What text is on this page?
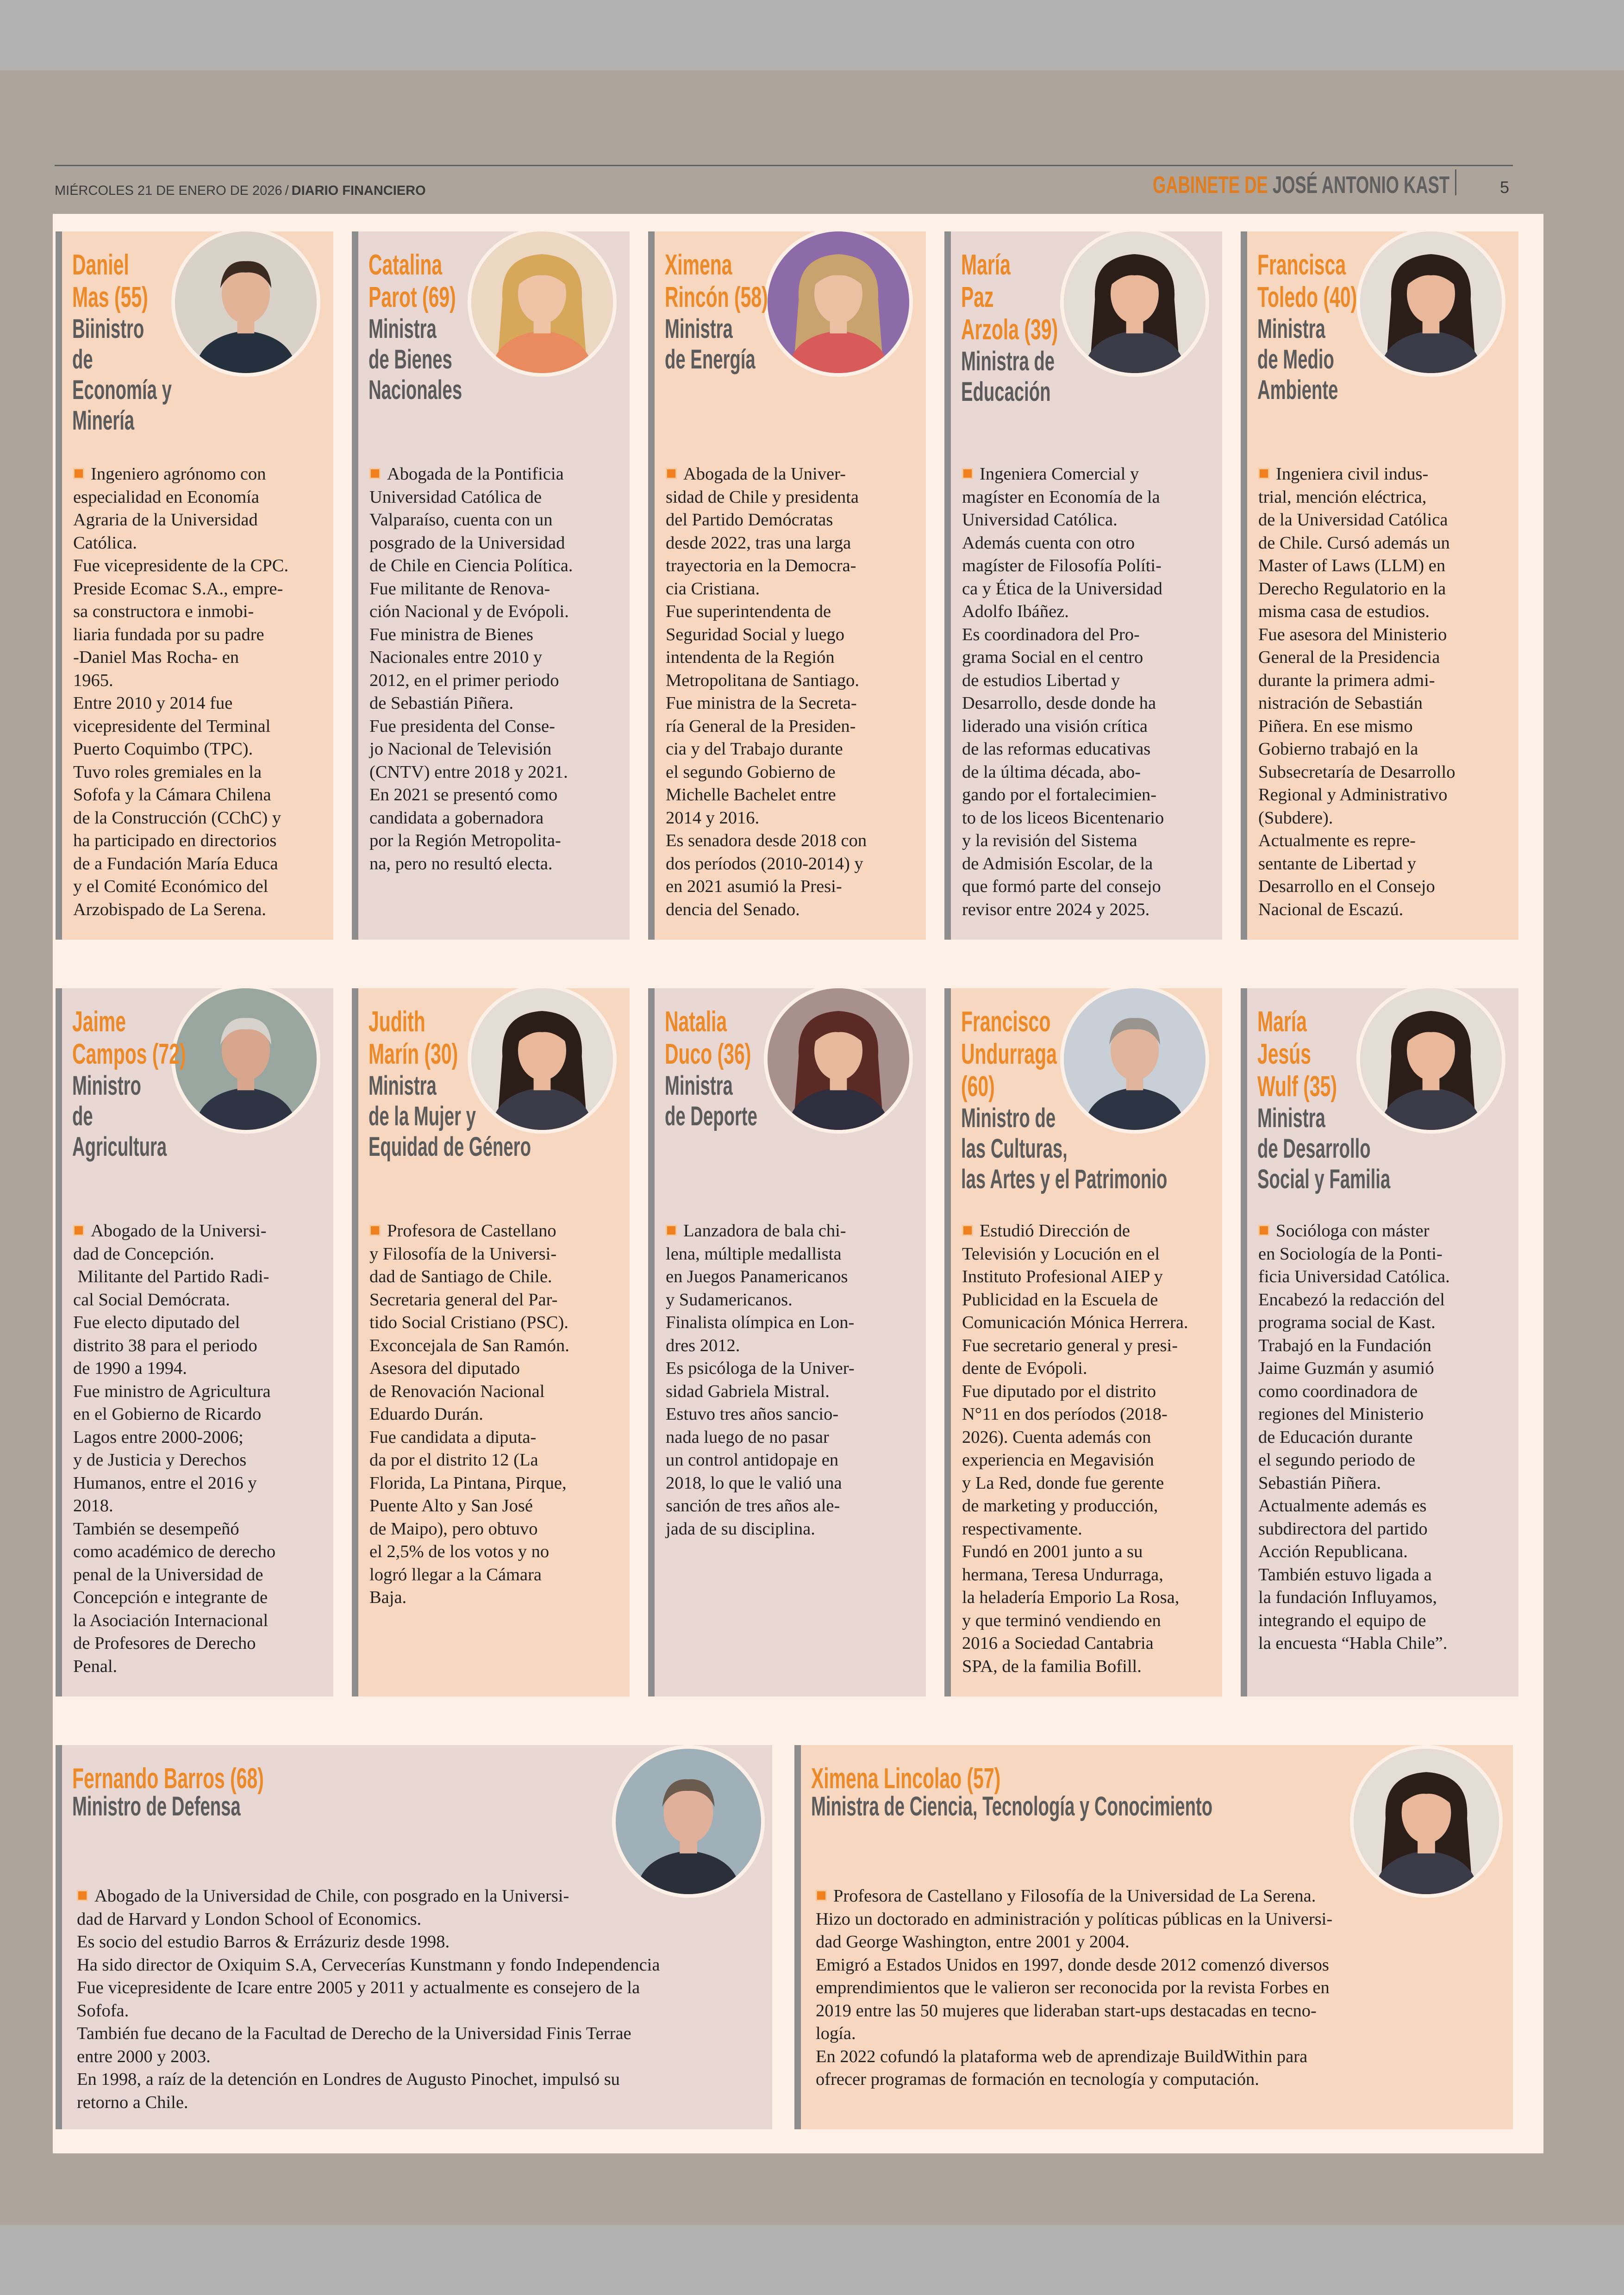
MIÉRCOLES 21 DE ENERO DE 2026 / DIARIO FINANCIERO	GABINETE DE JOSÉ ANTONIO KAST	5
Daniel
Mas (55)
Biinistro
de
Economía y
Minería
Ingeniero agrónomo con
especialidad en Economía
Agraria de la Universidad
Católica.
Fue vicepresidente de la CPC.
Preside Ecomac S.A., empre-
sa constructora e inmobi-
liaria fundada por su padre
-Daniel Mas Rocha- en
1965.
Entre 2010 y 2014 fue
vicepresidente del Terminal
Puerto Coquimbo (TPC).
Tuvo roles gremiales en la
Sofofa y la Cámara Chilena
de la Construcción (CChC) y
ha participado en directorios
de a Fundación María Educa
y el Comité Económico del
Arzobispado de La Serena.
Catalina
Parot (69)
Ministra
de Bienes
Nacionales
Abogada de la Pontificia
Universidad Católica de
Valparaíso, cuenta con un
posgrado de la Universidad
de Chile en Ciencia Política.
Fue militante de Renova-
ción Nacional y de Evópoli.
Fue ministra de Bienes
Nacionales entre 2010 y
2012, en el primer periodo
de Sebastián Piñera.
Fue presidenta del Conse-
jo Nacional de Televisión
(CNTV) entre 2018 y 2021.
En 2021 se presentó como
candidata a gobernadora
por la Región Metropolita-
na, pero no resultó electa.
Ximena
Rincón (58)
Ministra
de Energía
Abogada de la Univer-
sidad de Chile y presidenta
del Partido Demócratas
desde 2022, tras una larga
trayectoria en la Democra-
cia Cristiana.
Fue superintendenta de
Seguridad Social y luego
intendenta de la Región
Metropolitana de Santiago.
Fue ministra de la Secreta-
ría General de la Presiden-
cia y del Trabajo durante
el segundo Gobierno de
Michelle Bachelet entre
2014 y 2016.
Es senadora desde 2018 con
dos períodos (2010-2014) y
en 2021 asumió la Presi-
dencia del Senado.
María
Paz
Arzola (39)
Ministra de
Educación
Ingeniera Comercial y
magíster en Economía de la
Universidad Católica.
Además cuenta con otro
magíster de Filosofía Políti-
ca y Ética de la Universidad
Adolfo Ibáñez.
Es coordinadora del Pro-
grama Social en el centro
de estudios Libertad y
Desarrollo, desde donde ha
liderado una visión crítica
de las reformas educativas
de la última década, abo-
gando por el fortalecimien-
to de los liceos Bicentenario
y la revisión del Sistema
de Admisión Escolar, de la
que formó parte del consejo
revisor entre 2024 y 2025.
Francisca
Toledo (40)
Ministra
de Medio
Ambiente
Ingeniera civil indus-
trial, mención eléctrica,
de la Universidad Católica
de Chile. Cursó además un
Master of Laws (LLM) en
Derecho Regulatorio en la
misma casa de estudios.
Fue asesora del Ministerio
General de la Presidencia
durante la primera admi-
nistración de Sebastián
Piñera. En ese mismo
Gobierno trabajó en la
Subsecretaría de Desarrollo
Regional y Administrativo
(Subdere).
Actualmente es repre-
sentante de Libertad y
Desarrollo en el Consejo
Nacional de Escazú.
Jaime
Campos (72)
Ministro
de
Agricultura
Abogado de la Universi-
dad de Concepción.
Militante del Partido Radi-
cal Social Demócrata.
Fue electo diputado del
distrito 38 para el periodo
de 1990 a 1994.
Fue ministro de Agricultura
en el Gobierno de Ricardo
Lagos entre 2000-2006;
y de Justicia y Derechos
Humanos, entre el 2016 y
2018.
También se desempeñó
como académico de derecho
penal de la Universidad de
Concepción e integrante de
la Asociación Internacional
de Profesores de Derecho
Penal.
Judith
Marín (30)
Ministra
de la Mujer y
Equidad de Género
Profesora de Castellano
y Filosofía de la Universi-
dad de Santiago de Chile.
Secretaria general del Par-
tido Social Cristiano (PSC).
Exconcejala de San Ramón.
Asesora del diputado
de Renovación Nacional
Eduardo Durán.
Fue candidata a diputa-
da por el distrito 12 (La
Florida, La Pintana, Pirque,
Puente Alto y San José
de Maipo), pero obtuvo
el 2,5% de los votos y no
logró llegar a la Cámara
Baja.
Natalia
Duco (36)
Ministra
de Deporte
Lanzadora de bala chi-
lena, múltiple medallista
en Juegos Panamericanos
y Sudamericanos.
Finalista olímpica en Lon-
dres 2012.
Es psicóloga de la Univer-
sidad Gabriela Mistral.
Estuvo tres años sancio-
nada luego de no pasar
un control antidopaje en
2018, lo que le valió una
sanción de tres años ale-
jada de su disciplina.
Francisco
Undurraga
(60)
Ministro de
las Culturas,
las Artes y el Patrimonio
Estudió Dirección de
Televisión y Locución en el
Instituto Profesional AIEP y
Publicidad en la Escuela de
Comunicación Mónica Herrera.
Fue secretario general y presi-
dente de Evópoli.
Fue diputado por el distrito
N°11 en dos períodos (2018-
2026). Cuenta además con
experiencia en Megavisión
y La Red, donde fue gerente
de marketing y producción,
respectivamente.
Fundó en 2001 junto a su
hermana, Teresa Undurraga,
la heladería Emporio La Rosa,
y que terminó vendiendo en
2016 a Sociedad Cantabria
SPA, de la familia Bofill.
María
Jesús
Wulf (35)
Ministra
de Desarrollo
Social y Familia
Socióloga con máster
en Sociología de la Ponti-
ficia Universidad Católica.
Encabezó la redacción del
programa social de Kast.
Trabajó en la Fundación
Jaime Guzmán y asumió
como coordinadora de
regiones del Ministerio
de Educación durante
el segundo periodo de
Sebastián Piñera.
Actualmente además es
subdirectora del partido
Acción Republicana.
También estuvo ligada a
la fundación Influyamos,
integrando el equipo de
la encuesta “Habla Chile”.
Fernando Barros (68)
Ministro de Defensa
Abogado de la Universidad de Chile, con posgrado en la Universi-
dad de Harvard y London School of Economics.
Es socio del estudio Barros & Errázuriz desde 1998.
Ha sido director de Oxiquim S.A, Cervecerías Kunstmann y fondo Independencia
Fue vicepresidente de Icare entre 2005 y 2011 y actualmente es consejero de la
Sofofa.
También fue decano de la Facultad de Derecho de la Universidad Finis Terrae
entre 2000 y 2003.
En 1998, a raíz de la detención en Londres de Augusto Pinochet, impulsó su
retorno a Chile.
Ximena Lincolao (57)
Ministra de Ciencia, Tecnología y Conocimiento
Profesora de Castellano y Filosofía de la Universidad de La Serena.
Hizo un doctorado en administración y políticas públicas en la Universi-
dad George Washington, entre 2001 y 2004.
Emigró a Estados Unidos en 1997, donde desde 2012 comenzó diversos
emprendimientos que le valieron ser reconocida por la revista Forbes en
2019 entre las 50 mujeres que lideraban start-ups destacadas en tecno-
logía.
En 2022 cofundó la plataforma web de aprendizaje BuildWithin para
ofrecer programas de formación en tecnología y computación.
